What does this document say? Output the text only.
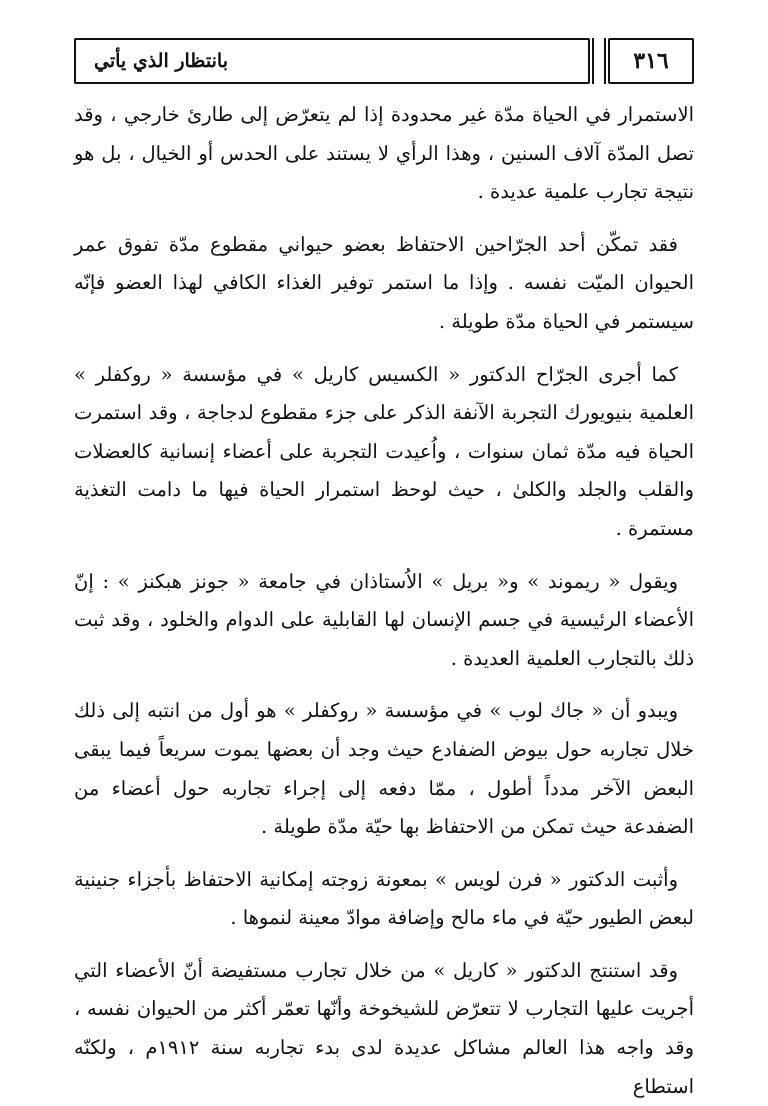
٣١٦
بانتظار الذي يأتي

الاستمرار في الحياة مدّة غير محدودة إذا لم يتعرّض إلى طارئ خارجي ، وقد تصل المدّة آلاف السنين ، وهذا الرأي لا يستند على الحدس أو الخيال ، بل هو نتيجة تجارب علمية عديدة .

فقد تمكّن أحد الجرّاحين الاحتفاظ بعضو حيواني مقطوع مدّة تفوق عمر الحيوان الميّت نفسه . وإذا ما استمر توفير الغذاء الكافي لهذا العضو فإنّه سيستمر في الحياة مدّة طويلة .

كما أجرى الجرّاح الدكتور « الكسيس كاريل » في مؤسسة « روكفلر » العلمية بنيويورك التجربة الآنفة الذكر على جزء مقطوع لدجاجة ، وقد استمرت الحياة فيه مدّة ثمان سنوات ، واُعيدت التجربة على أعضاء إنسانية كالعضلات والقلب والجلد والكلىٰ ، حيث لوحظ استمرار الحياة فيها ما دامت التغذية مستمرة .

ويقول « ريموند » و« بريل » الاُستاذان في جامعة « جونز هبكنز » : إنّ الأعضاء الرئيسية في جسم الإنسان لها القابلية على الدوام والخلود ، وقد ثبت ذلك بالتجارب العلمية العديدة .

ويبدو أن « جاك لوب » في مؤسسة « روكفلر » هو أول من انتبه إلى ذلك خلال تجاربه حول بيوض الضفادع حيث وجد أن بعضها يموت سريعاً فيما يبقى البعض الآخر مدداً أطول ، ممّا دفعه إلى إجراء تجاربه حول أعضاء من الضفدعة حيث تمكن من الاحتفاظ بها حيّة مدّة طويلة .

وأثبت الدكتور « فرن لويس » بمعونة زوجته إمكانية الاحتفاظ بأجزاء جنينية لبعض الطيور حيّة في ماء مالح وإضافة موادّ معينة لنموها .

وقد استنتج الدكتور « كاريل » من خلال تجارب مستفيضة أنّ الأعضاء التي أجريت عليها التجارب لا تتعرّض للشيخوخة وأنّها تعمّر أكثر من الحيوان نفسه ، وقد واجه هذا العالم مشاكل عديدة لدى بدء تجاربه سنة ١٩١٢م ، ولكنّه استطاع
